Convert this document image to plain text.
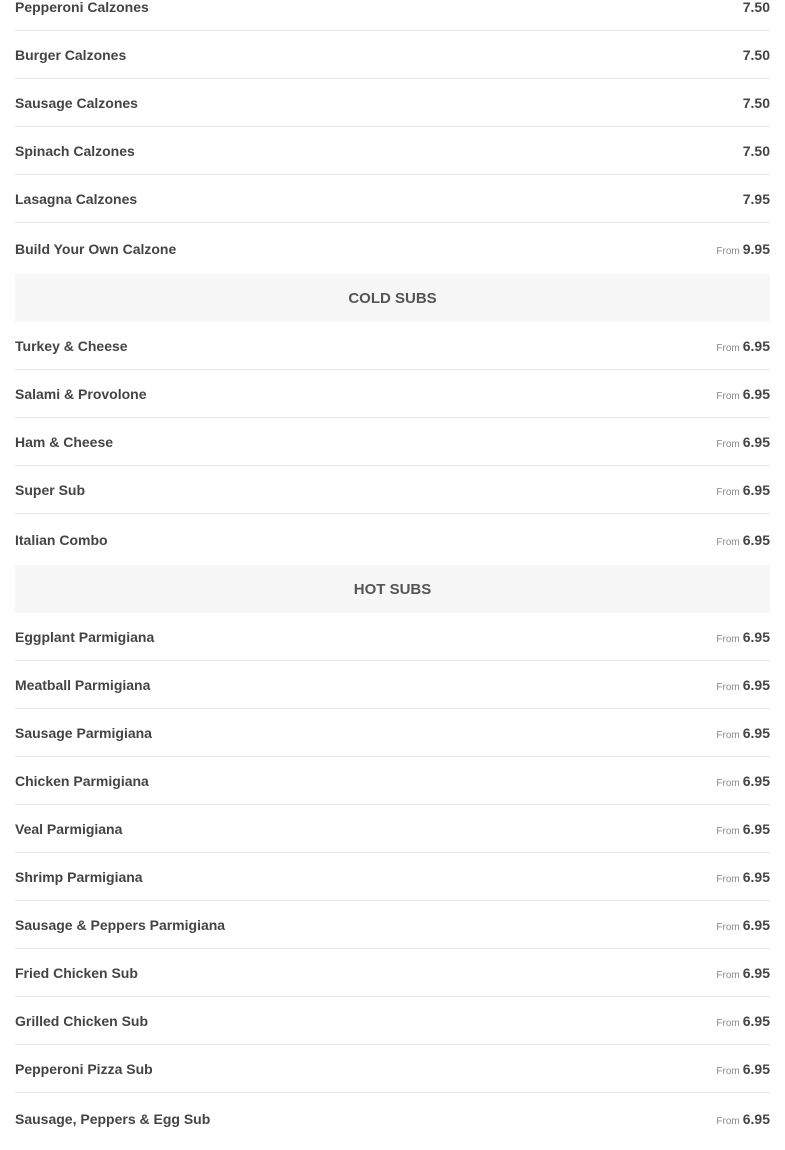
Pepperoni Calzones	7.50
Burger Calzones	7.50
Sausage Calzones	7.50
Spinach Calzones	7.50
Lasagna Calzones	7.95
Build Your Own Calzone	From 9.95
COLD SUBS
Turkey & Cheese	From 6.95
Salami & Provolone	From 6.95
Ham & Cheese	From 6.95
Super Sub	From 6.95
Italian Combo	From 6.95
HOT SUBS
Eggplant Parmigiana	From 6.95
Meatball Parmigiana	From 6.95
Sausage Parmigiana	From 6.95
Chicken Parmigiana	From 6.95
Veal Parmigiana	From 6.95
Shrimp Parmigiana	From 6.95
Sausage & Peppers Parmigiana	From 6.95
Fried Chicken Sub	From 6.95
Grilled Chicken Sub	From 6.95
Pepperoni Pizza Sub	From 6.95
Sausage, Peppers & Egg Sub	From 6.95
